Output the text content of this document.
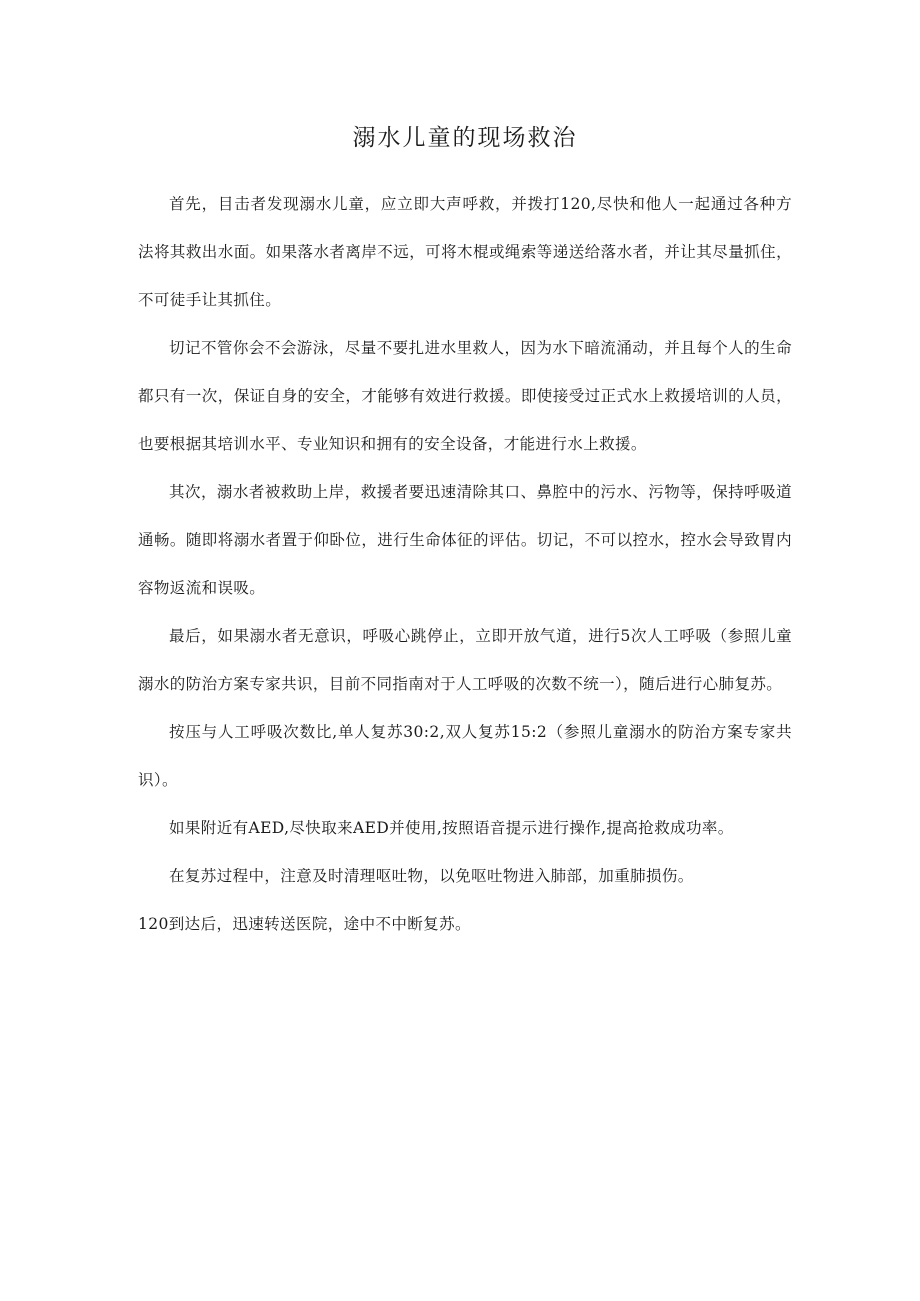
溺水儿童的现场救治

首先，目击者发现溺水儿童，应立即大声呼救，并拨打120,尽快和他人一起通过各种方法将其救出水面。如果落水者离岸不远，可将木棍或绳索等递送给落水者，并让其尽量抓住，不可徒手让其抓住。

切记不管你会不会游泳，尽量不要扎进水里救人，因为水下暗流涌动，并且每个人的生命都只有一次，保证自身的安全，才能够有效进行救援。即使接受过正式水上救援培训的人员，也要根据其培训水平、专业知识和拥有的安全设备，才能进行水上救援。

其次，溺水者被救助上岸，救援者要迅速清除其口、鼻腔中的污水、污物等，保持呼吸道通畅。随即将溺水者置于仰卧位，进行生命体征的评估。切记，不可以控水，控水会导致胃内容物返流和误吸。

最后，如果溺水者无意识，呼吸心跳停止，立即开放气道，进行5次人工呼吸（参照儿童溺水的防治方案专家共识，目前不同指南对于人工呼吸的次数不统一），随后进行心肺复苏。

按压与人工呼吸次数比,单人复苏30:2,双人复苏15:2（参照儿童溺水的防治方案专家共识）。

如果附近有AED,尽快取来AED并使用,按照语音提示进行操作,提高抢救成功率。

在复苏过程中，注意及时清理呕吐物，以免呕吐物进入肺部，加重肺损伤。

120到达后，迅速转送医院，途中不中断复苏。
